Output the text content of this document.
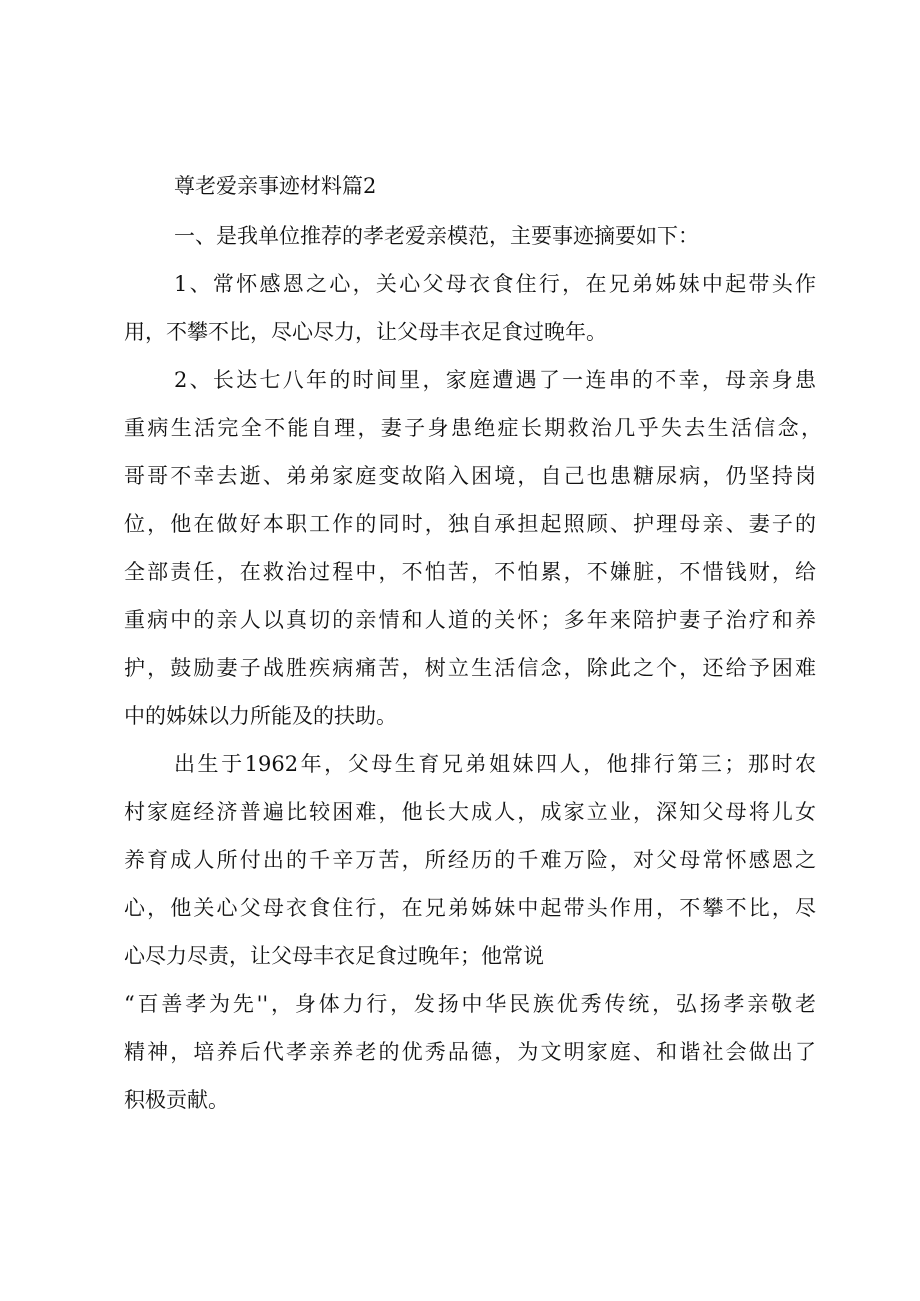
尊老爱亲事迹材料篇2
一、是我单位推荐的孝老爱亲模范，主要事迹摘要如下：
1、常怀感恩之心，关心父母衣食住行，在兄弟姊妹中起带头作
用，不攀不比，尽心尽力，让父母丰衣足食过晚年。
2、长达七八年的时间里，家庭遭遇了一连串的不幸，母亲身患
重病生活完全不能自理，妻子身患绝症长期救治几乎失去生活信念，
哥哥不幸去逝、弟弟家庭变故陷入困境，自己也患糖尿病，仍坚持岗
位，他在做好本职工作的同时，独自承担起照顾、护理母亲、妻子的
全部责任，在救治过程中，不怕苦，不怕累，不嫌脏，不惜钱财，给
重病中的亲人以真切的亲情和人道的关怀；多年来陪护妻子治疗和养
护，鼓励妻子战胜疾病痛苦，树立生活信念，除此之个，还给予困难
中的姊妹以力所能及的扶助。
出生于1962年，父母生育兄弟姐妹四人，他排行第三；那时农
村家庭经济普遍比较困难，他长大成人，成家立业，深知父母将儿女
养育成人所付出的千辛万苦，所经历的千难万险，对父母常怀感恩之
心，他关心父母衣食住行，在兄弟姊妹中起带头作用，不攀不比，尽
心尽力尽责，让父母丰衣足食过晚年；他常说
“百善孝为先''，身体力行，发扬中华民族优秀传统，弘扬孝亲敬老
精神，培养后代孝亲养老的优秀品德，为文明家庭、和谐社会做出了
积极贡献。
